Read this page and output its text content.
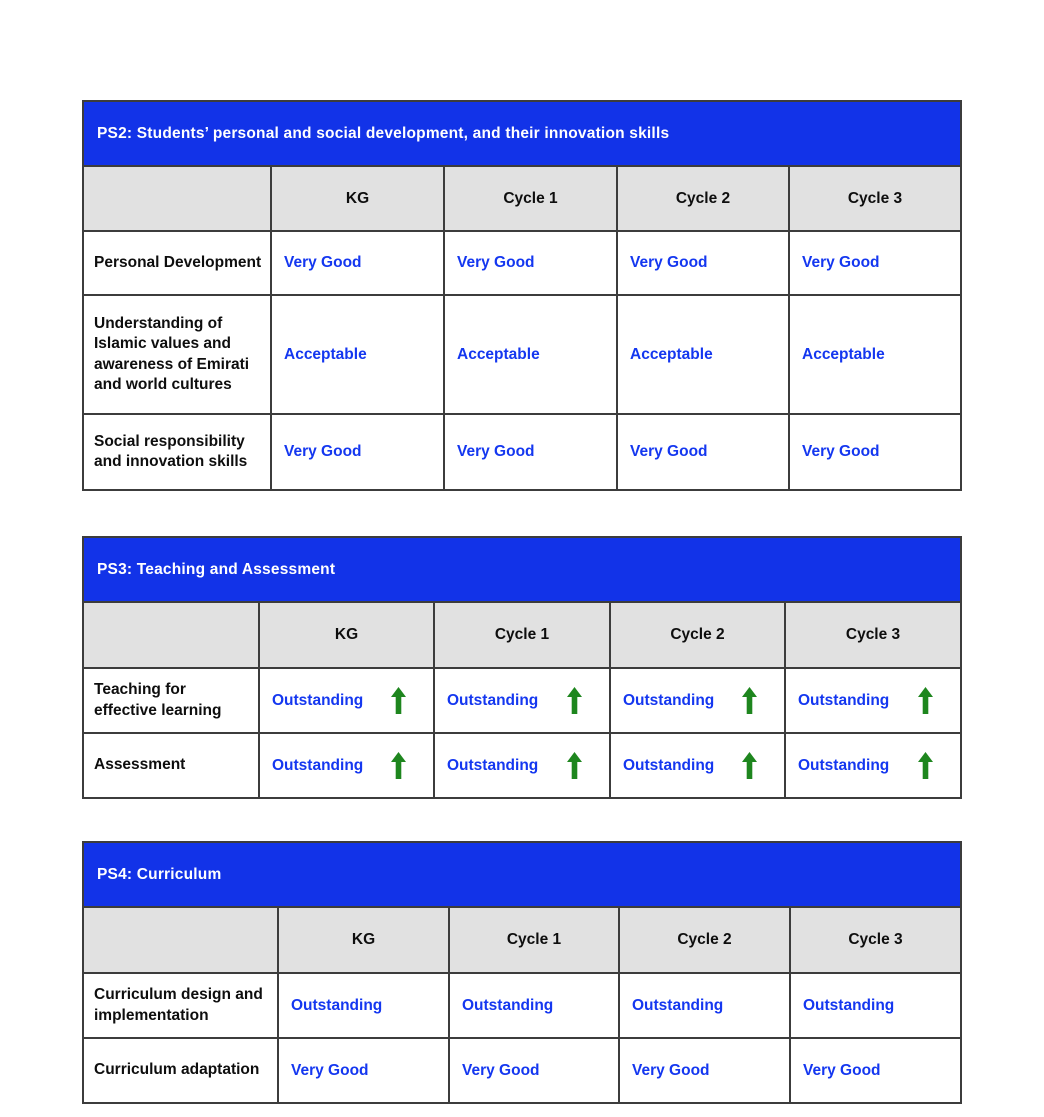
PS2: Students’ personal and social development, and their innovation skills				
	KG	Cycle 1	Cycle 2	Cycle 3
Personal Development	Very Good	Very Good	Very Good	Very Good

Understanding of Islamic values and awareness of Emirati and world cultures	Acceptable	Acceptable	Acceptable	Acceptable

Social responsibility and innovation skills	Very Good	Very Good	Very Good	Very Good
PS3: Teaching and Assessment				
	KG	Cycle 1	Cycle 2	Cycle 3
Teaching for effective learning	Outstanding	Outstanding	Outstanding	Outstanding

Assessment	Outstanding	Outstanding	Outstanding	Outstanding
PS4: Curriculum				
	KG	Cycle 1	Cycle 2	Cycle 3
Curriculum design and implementation	Outstanding	Outstanding	Outstanding	Outstanding

Curriculum adaptation	Very Good	Very Good	Very Good	Very Good
